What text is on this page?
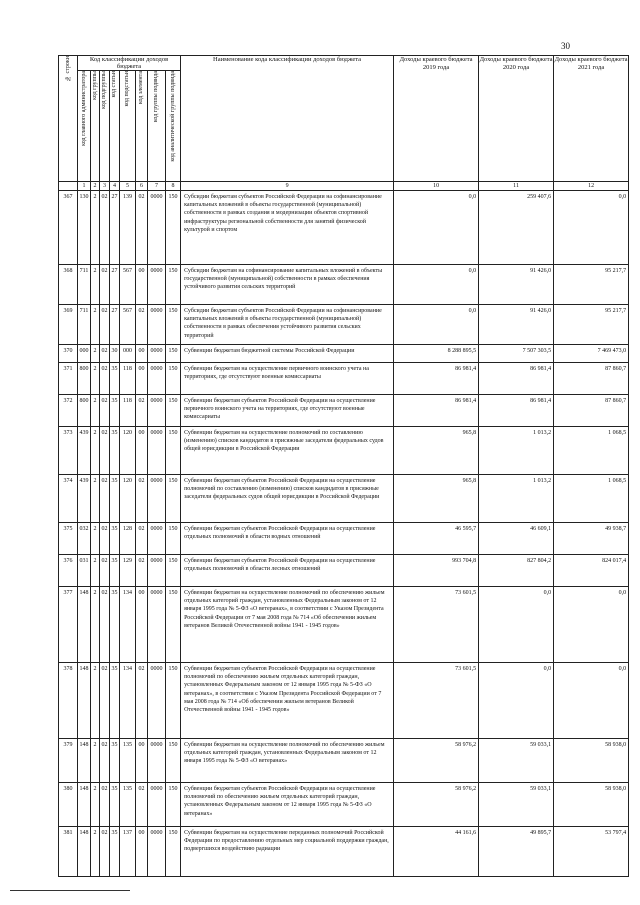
30
№ строки	Код классификации доходов бюджета								Наименование кода классификации доходов бюджета	Доходы краевого бюджета 2019 года	Доходы краевого бюджета 2020 года	Доходы краевого бюджета 2021 года

	код главного администратора	код группы	код подгруппы	код статьи	код подстатьи	код элемента	код группы подвида	код аналитической группы подвида				

	1	2	3	4	5	6	7	8	9	10	11	12
367	130	2	02	27	139	02	0000	150	Субсидии бюджетам субъектов Российской Федерации на софинансирование капитальных вложений в объекты государственной (муниципальной) собственности в рамках создания и модернизации объектов спортивной инфраструктуры региональной собственности для занятий физической культурой и спортом	0,0	259 407,6	0,0
368	711	2	02	27	567	00	0000	150	Субсидии бюджетам на софинансирование капитальных вложений в объекты государственной (муниципальной) собственности в рамках обеспечения устойчивого развития сельских территорий	0,0	91 426,0	95 217,7
369	711	2	02	27	567	02	0000	150	Субсидии бюджетам субъектов Российской Федерации на софинансирование капитальных вложений в объекты государственной (муниципальной) собственности в рамках обеспечения устойчивого развития сельских территорий	0,0	91 426,0	95 217,7
370	000	2	02	30	000	00	0000	150	Субвенции бюджетам бюджетной системы Российской Федерации	8 288 895,5	7 507 303,5	7 469 473,0
371	800	2	02	35	118	00	0000	150	Субвенции бюджетам на осуществление первичного воинского учета на территориях, где отсутствуют военные комиссариаты	86 981,4	86 981,4	87 860,7
372	800	2	02	35	118	02	0000	150	Субвенции бюджетам субъектов Российской Федерации на осуществление первичного воинского учета на территориях, где отсутствуют военные комиссариаты	86 981,4	86 981,4	87 860,7
373	439	2	02	35	120	00	0000	150	Субвенции бюджетам на осуществление полномочий по составлению (изменению) списков кандидатов в присяжные заседатели федеральных судов общей юрисдикции в Российской Федерации	965,8	1 013,2	1 068,5
374	439	2	02	35	120	02	0000	150	Субвенции бюджетам субъектов Российской Федерации на осуществление полномочий по составлению (изменению) списков кандидатов в присяжные заседатели федеральных судов общей юрисдикции в Российской Федерации	965,8	1 013,2	1 068,5
375	032	2	02	35	128	02	0000	150	Субвенции бюджетам субъектов Российской Федерации на осуществление отдельных полномочий в области водных отношений	46 595,7	46 609,1	49 938,7
376	031	2	02	35	129	02	0000	150	Субвенции бюджетам субъектов Российской Федерации на осуществление отдельных полномочий в области лесных отношений	993 704,8	827 804,2	824 017,4
377	148	2	02	35	134	00	0000	150	Субвенции бюджетам на осуществление полномочий по обеспечению жильем отдельных категорий граждан, установленных Федеральным законом от 12 января 1995 года № 5-ФЗ «О ветеранах», в соответствии с Указом Президента Российской Федерации от 7 мая 2008 года № 714 «Об обеспечении жильем ветеранов Великой Отечественной войны 1941 - 1945 годов»	73 601,5	0,0	0,0
378	148	2	02	35	134	02	0000	150	Субвенции бюджетам субъектов Российской Федерации на осуществление полномочий по обеспечению жильем отдельных категорий граждан, установленных Федеральным законом от 12 января 1995 года № 5-ФЗ «О ветеранах», в соответствии с Указом Президента Российской Федерации от 7 мая 2008 года № 714 «Об обеспечении жильем ветеранов Великой Отечественной войны 1941 - 1945 годов»	73 601,5	0,0	0,0
379	148	2	02	35	135	00	0000	150	Субвенции бюджетам на осуществление полномочий по обеспечению жильем отдельных категорий граждан, установленных Федеральным законом от 12 января 1995 года № 5-ФЗ «О ветеранах»	58 976,2	59 033,1	58 938,0
380	148	2	02	35	135	02	0000	150	Субвенции бюджетам субъектов Российской Федерации на осуществление полномочий по обеспечению жильем отдельных категорий граждан, установленных Федеральным законом от 12 января 1995 года № 5-ФЗ «О ветеранах»	58 976,2	59 033,1	58 938,0
381	148	2	02	35	137	00	0000	150	Субвенции бюджетам на осуществление переданных полномочий Российской Федерации по предоставлению отдельных мер социальной поддержки граждан, подвергшихся воздействию радиации	44 161,6	49 895,7	53 797,4
